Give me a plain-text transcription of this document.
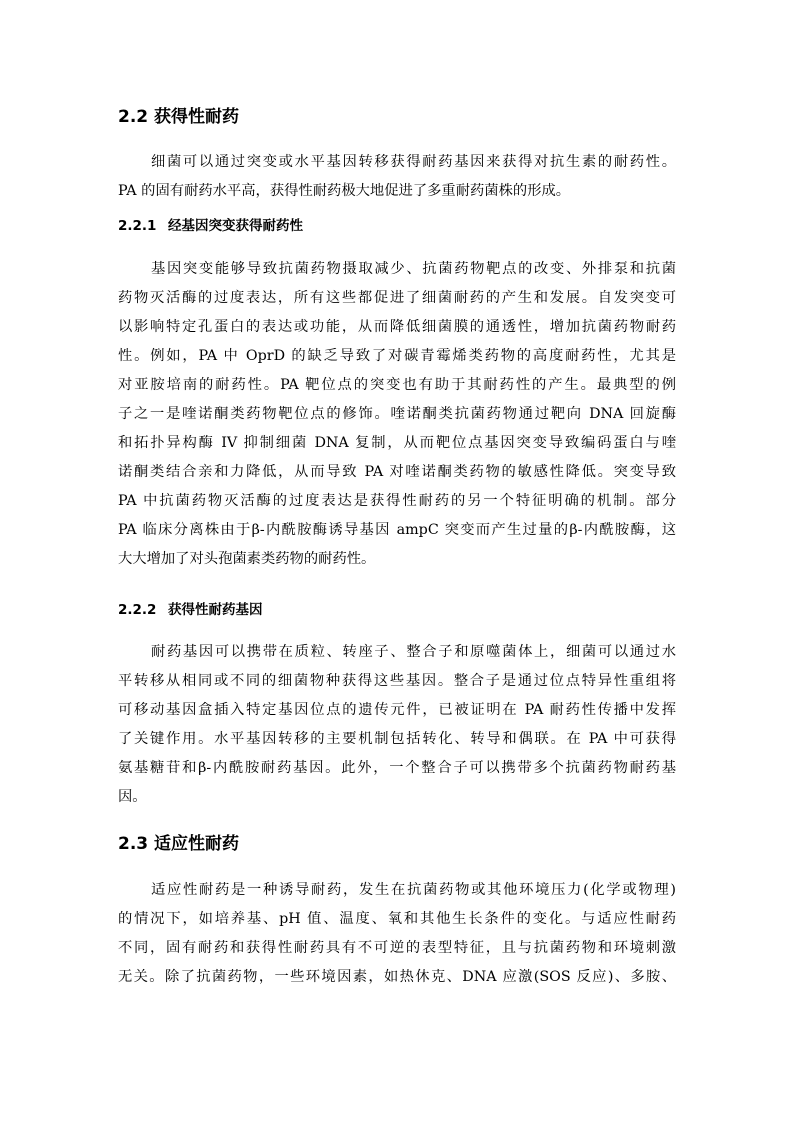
2.2 获得性耐药
细菌可以通过突变或水平基因转移获得耐药基因来获得对抗生素的耐药性。
PA 的固有耐药水平高，获得性耐药极大地促进了多重耐药菌株的形成。
2.2.1 经基因突变获得耐药性
基因突变能够导致抗菌药物摄取减少、抗菌药物靶点的改变、外排泵和抗菌
药物灭活酶的过度表达，所有这些都促进了细菌耐药的产生和发展。自发突变可
以影响特定孔蛋白的表达或功能，从而降低细菌膜的通透性，增加抗菌药物耐药
性。例如，PA 中 OprD 的缺乏导致了对碳青霉烯类药物的高度耐药性，尤其是
对亚胺培南的耐药性。PA 靶位点的突变也有助于其耐药性的产生。最典型的例
子之一是喹诺酮类药物靶位点的修饰。喹诺酮类抗菌药物通过靶向 DNA 回旋酶
和拓扑异构酶 IV 抑制细菌 DNA 复制，从而靶位点基因突变导致编码蛋白与喹
诺酮类结合亲和力降低，从而导致 PA 对喹诺酮类药物的敏感性降低。突变导致
PA 中抗菌药物灭活酶的过度表达是获得性耐药的另一个特征明确的机制。部分
PA 临床分离株由于β-内酰胺酶诱导基因 ampC 突变而产生过量的β-内酰胺酶，这
大大增加了对头孢菌素类药物的耐药性。
2.2.2 获得性耐药基因
耐药基因可以携带在质粒、转座子、整合子和原噬菌体上，细菌可以通过水
平转移从相同或不同的细菌物种获得这些基因。整合子是通过位点特异性重组将
可移动基因盒插入特定基因位点的遗传元件，已被证明在 PA 耐药性传播中发挥
了关键作用。水平基因转移的主要机制包括转化、转导和偶联。在 PA 中可获得
氨基糖苷和β-内酰胺耐药基因。此外，一个整合子可以携带多个抗菌药物耐药基
因。
2.3 适应性耐药
适应性耐药是一种诱导耐药，发生在抗菌药物或其他环境压力(化学或物理)
的情况下，如培养基、pH 值、温度、氧和其他生长条件的变化。与适应性耐药
不同，固有耐药和获得性耐药具有不可逆的表型特征，且与抗菌药物和环境刺激
无关。除了抗菌药物，一些环境因素，如热休克、DNA 应激(SOS 反应)、多胺、
